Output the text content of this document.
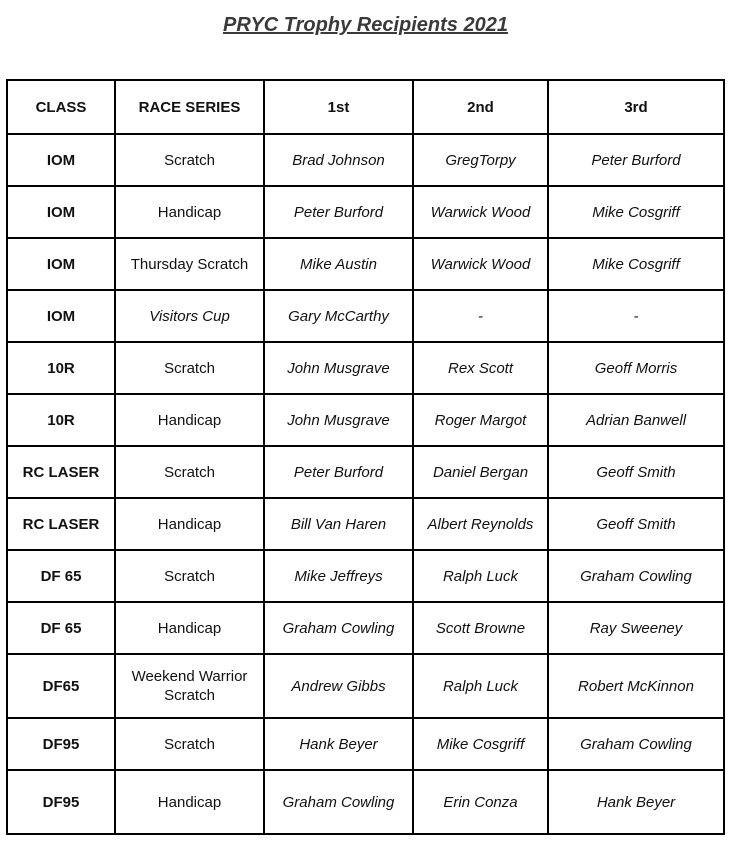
PRYC Trophy Recipients 2021
CLASS	RACE SERIES	1st	2nd	3rd
IOM	Scratch	Brad Johnson	GregTorpy	Peter Burford
IOM	Handicap	Peter Burford	Warwick Wood	Mike Cosgriff
IOM	Thursday Scratch	Mike Austin	Warwick Wood	Mike Cosgriff
IOM	Visitors Cup	Gary McCarthy	-	-
10R	Scratch	John Musgrave	Rex Scott	Geoff Morris
10R	Handicap	John Musgrave	Roger Margot	Adrian Banwell
RC LASER	Scratch	Peter Burford	Daniel Bergan	Geoff Smith
RC LASER	Handicap	Bill Van Haren	Albert Reynolds	Geoff Smith
DF 65	Scratch	Mike Jeffreys	Ralph Luck	Graham Cowling
DF 65	Handicap	Graham Cowling	Scott Browne	Ray Sweeney
DF65	Weekend Warrior Scratch	Andrew Gibbs	Ralph Luck	Robert McKinnon
DF95	Scratch	Hank Beyer	Mike Cosgriff	Graham Cowling
DF95	Handicap	Graham Cowling	Erin Conza	Hank Beyer
